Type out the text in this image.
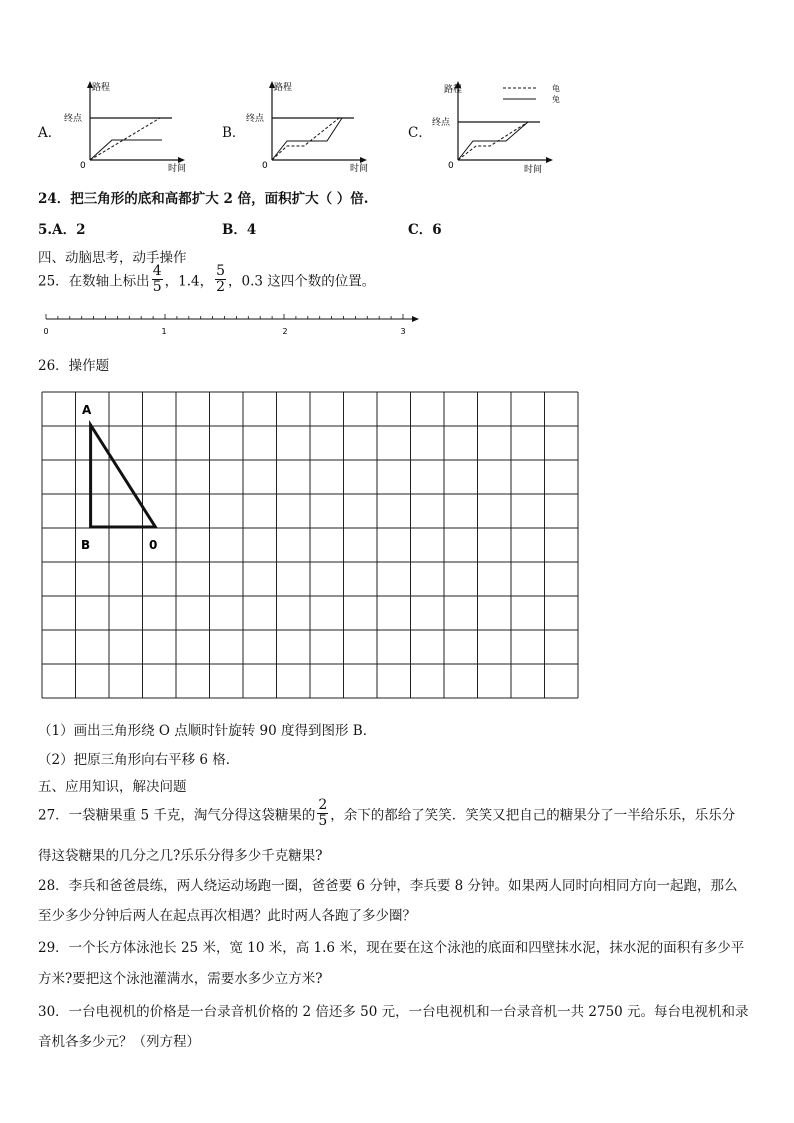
A．
路程
终点
0	时间
B．
路程
终点
0	时间
C．
龟
兔
路程
终点
0	时间
24．把三角形的底和高都扩大 2 倍，面积扩大（ ）倍.
5.A．2	B．4	C．6
四、动脑思考，动手操作
25．在数轴上标出 $\frac{4}{5}$ ，1.4， $\frac{5}{2}$ ，0.3 这四个数的位置。
0	1	2	3
26．操作题
A
B	0
（1）画出三角形绕 O 点顺时针旋转 90 度得到图形 B．
（2）把原三角形向右平移 6 格．
五、应用知识，解决问题
27．一袋糖果重 5 千克，淘气分得这袋糖果的 $\frac{2}{5}$ ，余下的都给了笑笑．笑笑又把自己的糖果分了一半给乐乐，乐乐分
得这袋糖果的几分之几?乐乐分得多少千克糖果?
28．李兵和爸爸晨练，两人绕运动场跑一圈，爸爸要 6 分钟，李兵要 8 分钟。如果两人同时向相同方向一起跑，那么
至少多少分钟后两人在起点再次相遇？此时两人各跑了多少圈？
29．一个长方体泳池长 25 米，宽 10 米，高 1.6 米，现在要在这个泳池的底面和四壁抹水泥，抹水泥的面积有多少平
方米?要把这个泳池灌满水，需要水多少立方米?
30．一台电视机的价格是一台录音机价格的 2 倍还多 50 元，一台电视机和一台录音机一共 2750 元。每台电视机和录
音机各多少元？（列方程）
